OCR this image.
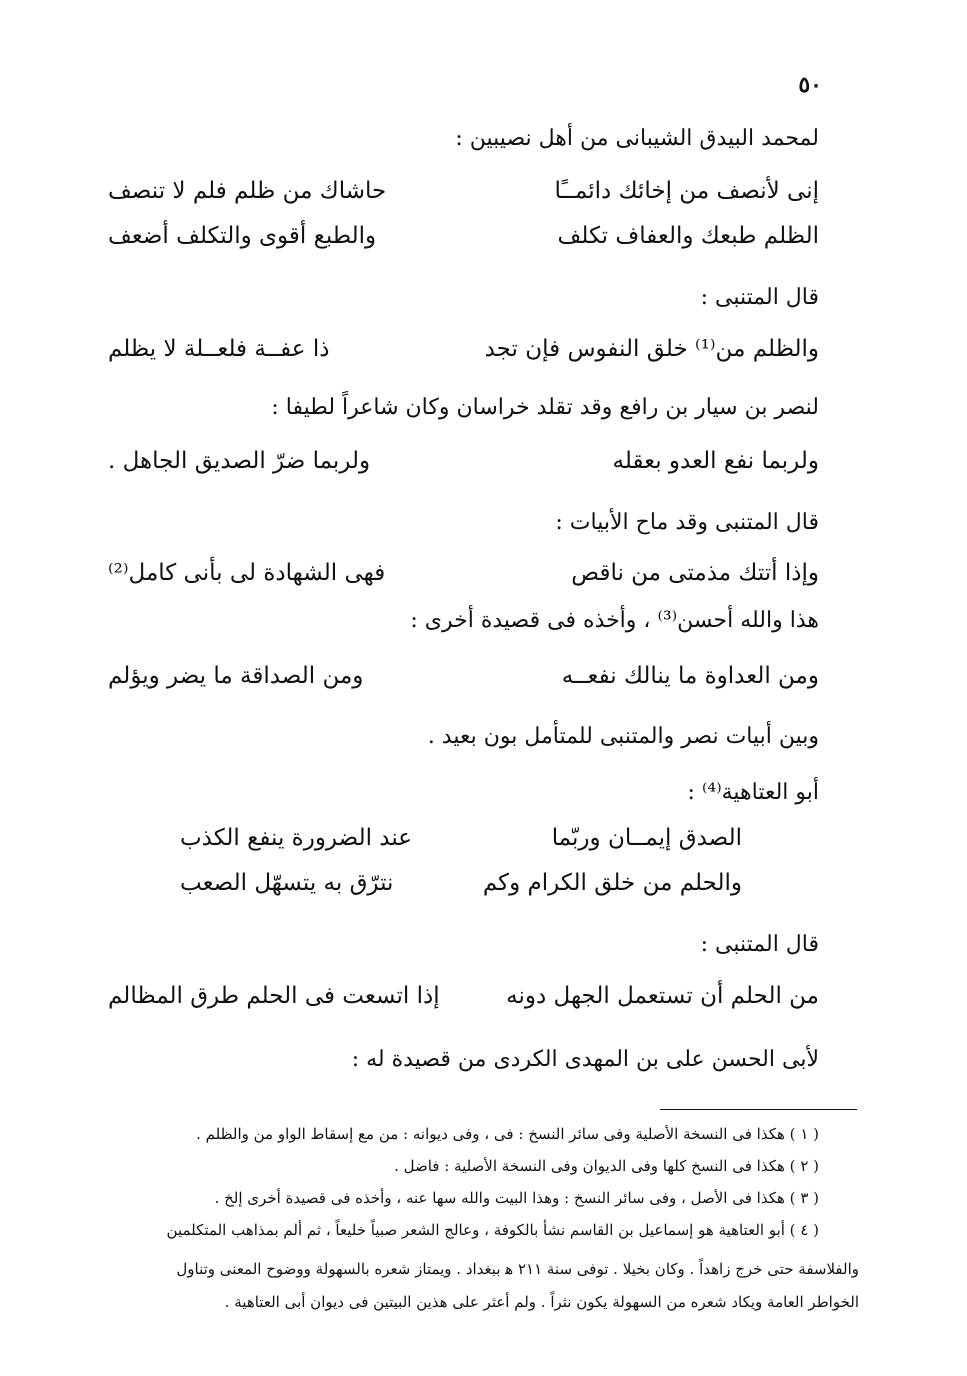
٥٠
لمحمد البيدق الشيبانى من أهل نصيبين :
إنى لأنصف من إخائك دائمــًا
حاشاك من ظلم فلم لا تنصف
الظلم طبعك والعفاف تكلف
والطبع أقوى والتكلف أضعف
قال المتنبى :
والظلم من⁽¹⁾ خلق النفوس فإن تجد
ذا عفــة فلعــلة لا يظلم
لنصر بن سيار بن رافع وقد تقلد خراسان وكان شاعراً لطيفا :
ولربما نفع العدو بعقله
ولربما ضرّ الصديق الجاهل .
قال المتنبى وقد ماح الأبيات :
وإذا أتتك مذمتى من ناقص
فهى الشهادة لى بأنى كامل⁽²⁾
هذا والله أحسن⁽³⁾ ، وأخذه فى قصيدة أخرى :
ومن العداوة ما ينالك نفعــه
ومن الصداقة ما يضر ويؤلم
وبين أبيات نصر والمتنبى للمتأمل بون بعيد .
أبو العتاهية⁽⁴⁾ :
الصدق إيمــان وربّما
عند الضرورة ينفع الكذب
والحلم من خلق الكرام وكم
نترّق به يتسهّل الصعب
قال المتنبى :
من الحلم أن تستعمل الجهل دونه
إذا اتسعت فى الحلم طرق المظالم
لأبى الحسن على بن المهدى الكردى من قصيدة له :
( ١ ) هكذا فى النسخة الأصلية وفى سائر النسخ : فى ، وفى ديوانه : من مع إسقاط الواو من والظلم .
( ٢ ) هكذا فى النسخ كلها وفى الديوان وفى النسخة الأصلية : فاضل .
( ٣ ) هكذا فى الأصل ، وفى سائر النسخ : وهذا البيت والله سها عنه ، وأخذه فى قصيدة أخرى إلخ .
( ٤ ) أبو العتاهية هو إسماعيل بن القاسم نشأ بالكوفة ، وعالج الشعر صبياً خليعاً ، ثم ألم بمذاهب المتكلمين
والفلاسفة حتى خرج زاهداً . وكان بخيلا . توفى سنة ٢١١ ﻫ ببغداد . ويمتاز شعره بالسهولة ووضوح المعنى وتناول
الخواطر العامة ويكاد شعره من السهولة يكون نثراً . ولم أعثر على هذين البيتين فى ديوان أبى العتاهية .
